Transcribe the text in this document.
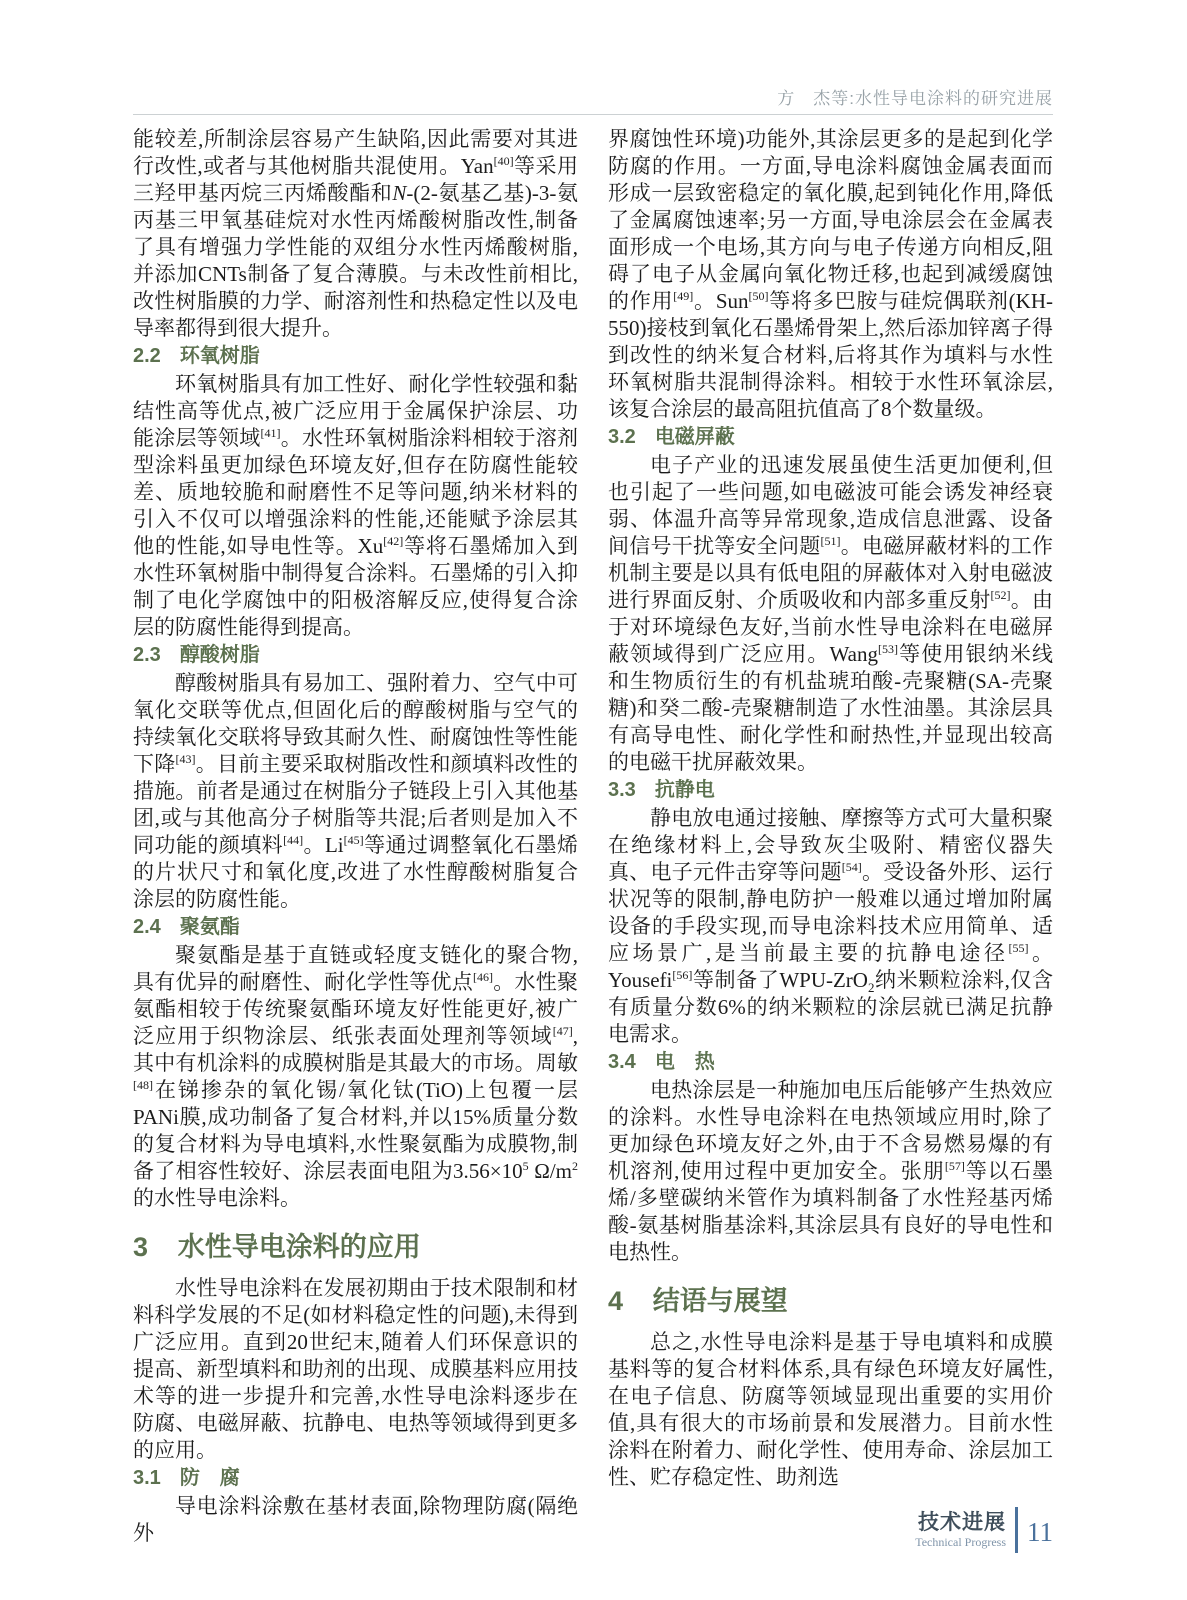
方　杰等:水性导电涂料的研究进展

能较差,所制涂层容易产生缺陷,因此需要对其进行改性,或者与其他树脂共混使用。Yan[40]等采用三羟甲基丙烷三丙烯酸酯和N-(2-氨基乙基)-3-氨丙基三甲氧基硅烷对水性丙烯酸树脂改性,制备了具有增强力学性能的双组分水性丙烯酸树脂,并添加CNTs制备了复合薄膜。与未改性前相比,改性树脂膜的力学、耐溶剂性和热稳定性以及电导率都得到很大提升。

2.2 环氧树脂

环氧树脂具有加工性好、耐化学性较强和黏结性高等优点,被广泛应用于金属保护涂层、功能涂层等领域[41]。水性环氧树脂涂料相较于溶剂型涂料虽更加绿色环境友好,但存在防腐性能较差、质地较脆和耐磨性不足等问题,纳米材料的引入不仅可以增强涂料的性能,还能赋予涂层其他的性能,如导电性等。Xu[42]等将石墨烯加入到水性环氧树脂中制得复合涂料。石墨烯的引入抑制了电化学腐蚀中的阳极溶解反应,使得复合涂层的防腐性能得到提高。

2.3 醇酸树脂

醇酸树脂具有易加工、强附着力、空气中可氧化交联等优点,但固化后的醇酸树脂与空气的持续氧化交联将导致其耐久性、耐腐蚀性等性能下降[43]。目前主要采取树脂改性和颜填料改性的措施。前者是通过在树脂分子链段上引入其他基团,或与其他高分子树脂等共混;后者则是加入不同功能的颜填料[44]。Li[45]等通过调整氧化石墨烯的片状尺寸和氧化度,改进了水性醇酸树脂复合涂层的防腐性能。

2.4 聚氨酯

聚氨酯是基于直链或轻度支链化的聚合物,具有优异的耐磨性、耐化学性等优点[46]。水性聚氨酯相较于传统聚氨酯环境友好性能更好,被广泛应用于织物涂层、纸张表面处理剂等领域[47],其中有机涂料的成膜树脂是其最大的市场。周敏[48]在锑掺杂的氧化锡/氧化钛(TiO)上包覆一层PANi膜,成功制备了复合材料,并以15%质量分数的复合材料为导电填料,水性聚氨酯为成膜物,制备了相容性较好、涂层表面电阻为$3.56\times 10^5$ $\Omega/m^2$的水性导电涂料。

3 水性导电涂料的应用

水性导电涂料在发展初期由于技术限制和材料科学发展的不足(如材料稳定性的问题),未得到广泛应用。直到20世纪末,随着人们环保意识的提高、新型填料和助剂的出现、成膜基料应用技术等的进一步提升和完善,水性导电涂料逐步在防腐、电磁屏蔽、抗静电、电热等领域得到更多的应用。

3.1 防　腐

导电涂料涂敷在基材表面,除物理防腐(隔绝外

界腐蚀性环境)功能外,其涂层更多的是起到化学防腐的作用。一方面,导电涂料腐蚀金属表面而形成一层致密稳定的氧化膜,起到钝化作用,降低了金属腐蚀速率;另一方面,导电涂层会在金属表面形成一个电场,其方向与电子传递方向相反,阻碍了电子从金属向氧化物迁移,也起到减缓腐蚀的作用[49]。Sun[50]等将多巴胺与硅烷偶联剂(KH-550)接枝到氧化石墨烯骨架上,然后添加锌离子得到改性的纳米复合材料,后将其作为填料与水性环氧树脂共混制得涂料。相较于水性环氧涂层,该复合涂层的最高阻抗值高了8个数量级。

3.2 电磁屏蔽

电子产业的迅速发展虽使生活更加便利,但也引起了一些问题,如电磁波可能会诱发神经衰弱、体温升高等异常现象,造成信息泄露、设备间信号干扰等安全问题[51]。电磁屏蔽材料的工作机制主要是以具有低电阻的屏蔽体对入射电磁波进行界面反射、介质吸收和内部多重反射[52]。由于对环境绿色友好,当前水性导电涂料在电磁屏蔽领域得到广泛应用。Wang[53]等使用银纳米线和生物质衍生的有机盐琥珀酸-壳聚糖(SA-壳聚糖)和癸二酸-壳聚糖制造了水性油墨。其涂层具有高导电性、耐化学性和耐热性,并显现出较高的电磁干扰屏蔽效果。

3.3 抗静电

静电放电通过接触、摩擦等方式可大量积聚在绝缘材料上,会导致灰尘吸附、精密仪器失真、电子元件击穿等问题[54]。受设备外形、运行状况等的限制,静电防护一般难以通过增加附属设备的手段实现,而导电涂料技术应用简单、适应场景广,是当前最主要的抗静电途径[55]。Yousefi[56]等制备了WPU-ZrO$_2$纳米颗粒涂料,仅含有质量分数6%的纳米颗粒的涂层就已满足抗静电需求。

3.4 电　热

电热涂层是一种施加电压后能够产生热效应的涂料。水性导电涂料在电热领域应用时,除了更加绿色环境友好之外,由于不含易燃易爆的有机溶剂,使用过程中更加安全。张朋[57]等以石墨烯/多壁碳纳米管作为填料制备了水性羟基丙烯酸-氨基树脂基涂料,其涂层具有良好的导电性和电热性。

4 结语与展望

总之,水性导电涂料是基于导电填料和成膜基料等的复合材料体系,具有绿色环境友好属性,在电子信息、防腐等领域显现出重要的实用价值,具有很大的市场前景和发展潜力。目前水性涂料在附着力、耐化学性、使用寿命、涂层加工性、贮存稳定性、助剂选

技术进展
Technical Progress 11
